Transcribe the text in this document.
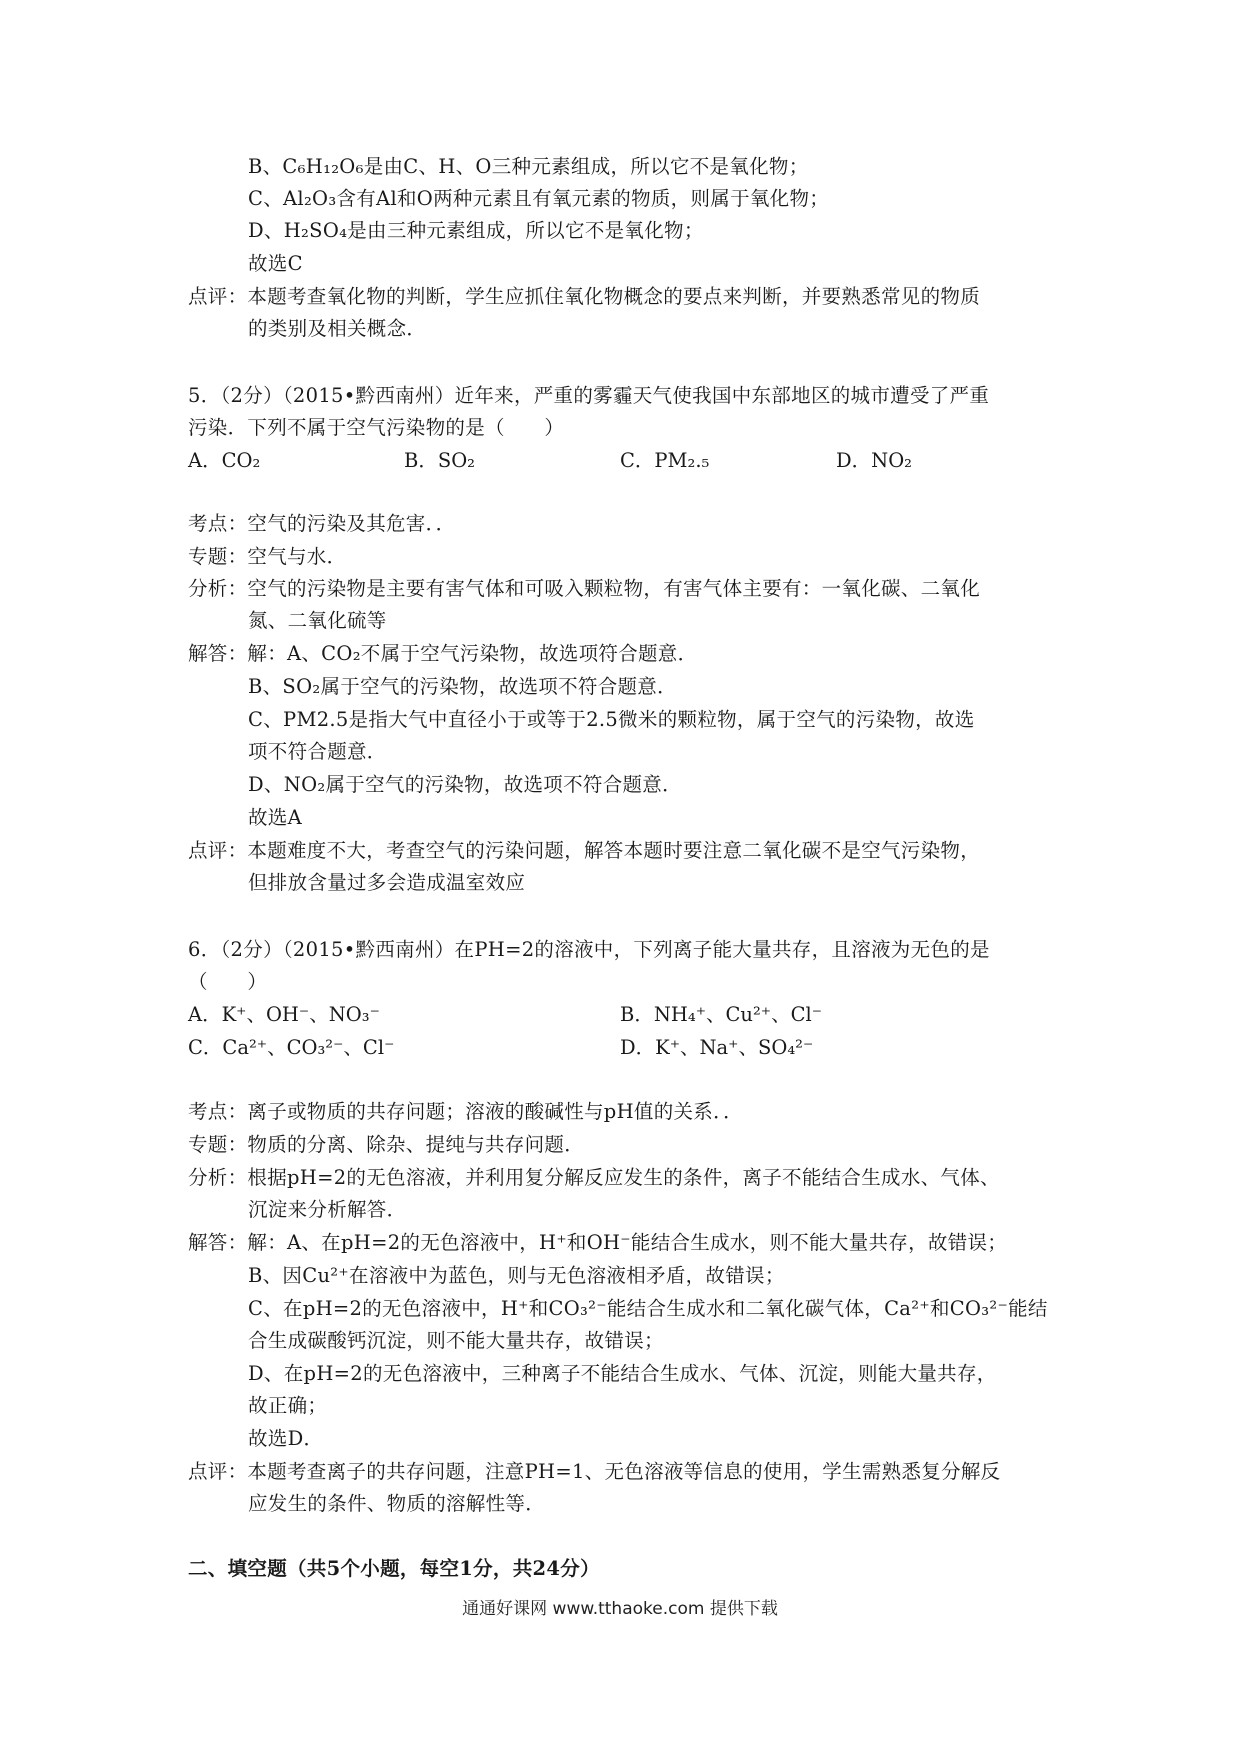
B、C₆H₁₂O₆是由C、H、O三种元素组成，所以它不是氧化物；
C、Al₂O₃含有Al和O两种元素且有氧元素的物质，则属于氧化物；
D、H₂SO₄是由三种元素组成，所以它不是氧化物；
故选C
点评：本题考查氧化物的判断，学生应抓住氧化物概念的要点来判断，并要熟悉常见的物质
的类别及相关概念．
5．（2分）（2015•黔西南州）近年来，严重的雾霾天气使我国中东部地区的城市遭受了严重
污染．下列不属于空气污染物的是（　　）
A．CO₂	B．SO₂	C．PM₂.₅	D．NO₂
考点：空气的污染及其危害．．
专题：空气与水．
分析：空气的污染物是主要有害气体和可吸入颗粒物，有害气体主要有：一氧化碳、二氧化
氮、二氧化硫等
解答：解：A、CO₂不属于空气污染物，故选项符合题意．
B、SO₂属于空气的污染物，故选项不符合题意．
C、PM2.5是指大气中直径小于或等于2.5微米的颗粒物，属于空气的污染物，故选
项不符合题意．
D、NO₂属于空气的污染物，故选项不符合题意．
故选A
点评：本题难度不大，考查空气的污染问题，解答本题时要注意二氧化碳不是空气污染物，
但排放含量过多会造成温室效应
6．（2分）（2015•黔西南州）在PH=2的溶液中，下列离子能大量共存，且溶液为无色的是
（　　）
A．K⁺、OH⁻、NO₃⁻	B．NH₄⁺、Cu²⁺、Cl⁻
C．Ca²⁺、CO₃²⁻、Cl⁻	D．K⁺、Na⁺、SO₄²⁻
考点：离子或物质的共存问题；溶液的酸碱性与pH值的关系．．
专题：物质的分离、除杂、提纯与共存问题．
分析：根据pH=2的无色溶液，并利用复分解反应发生的条件，离子不能结合生成水、气体、
沉淀来分析解答．
解答：解：A、在pH=2的无色溶液中，H⁺和OH⁻能结合生成水，则不能大量共存，故错误；
B、因Cu²⁺在溶液中为蓝色，则与无色溶液相矛盾，故错误；
C、在pH=2的无色溶液中，H⁺和CO₃²⁻能结合生成水和二氧化碳气体，Ca²⁺和CO₃²⁻能结
合生成碳酸钙沉淀，则不能大量共存，故错误；
D、在pH=2的无色溶液中，三种离子不能结合生成水、气体、沉淀，则能大量共存，
故正确；
故选D．
点评：本题考查离子的共存问题，注意PH=1、无色溶液等信息的使用，学生需熟悉复分解反
应发生的条件、物质的溶解性等．
二、填空题（共5个小题，每空1分，共24分）
通通好课网 www.tthaoke.com 提供下载
